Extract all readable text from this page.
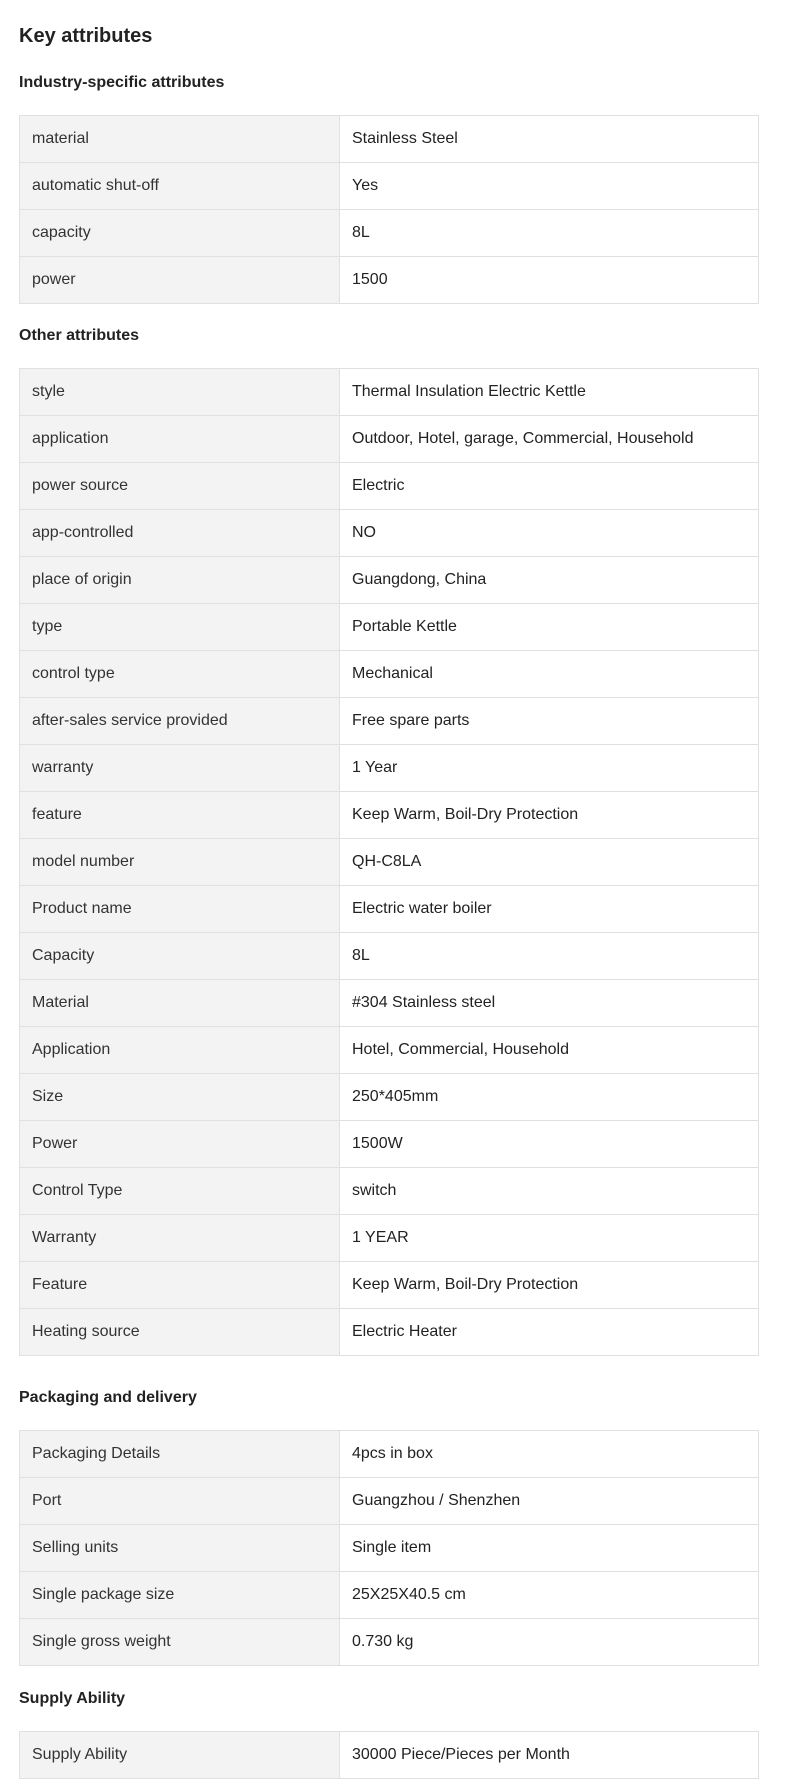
Key attributes
Industry-specific attributes
material	Stainless Steel
automatic shut-off	Yes
capacity	8L
power	1500
Other attributes
style	Thermal Insulation Electric Kettle
application	Outdoor, Hotel, garage, Commercial, Household
power source	Electric
app-controlled	NO
place of origin	Guangdong, China
type	Portable Kettle
control type	Mechanical
after-sales service provided	Free spare parts
warranty	1 Year
feature	Keep Warm, Boil-Dry Protection
model number	QH-C8LA
Product name	Electric water boiler
Capacity	8L
Material	#304 Stainless steel
Application	Hotel, Commercial, Household
Size	250*405mm
Power	1500W
Control Type	switch
Warranty	1 YEAR
Feature	Keep Warm, Boil-Dry Protection
Heating source	Electric Heater
Packaging and delivery
Packaging Details	4pcs in box
Port	Guangzhou / Shenzhen
Selling units	Single item
Single package size	25X25X40.5 cm
Single gross weight	0.730 kg
Supply Ability
Supply Ability	30000 Piece/Pieces per Month
